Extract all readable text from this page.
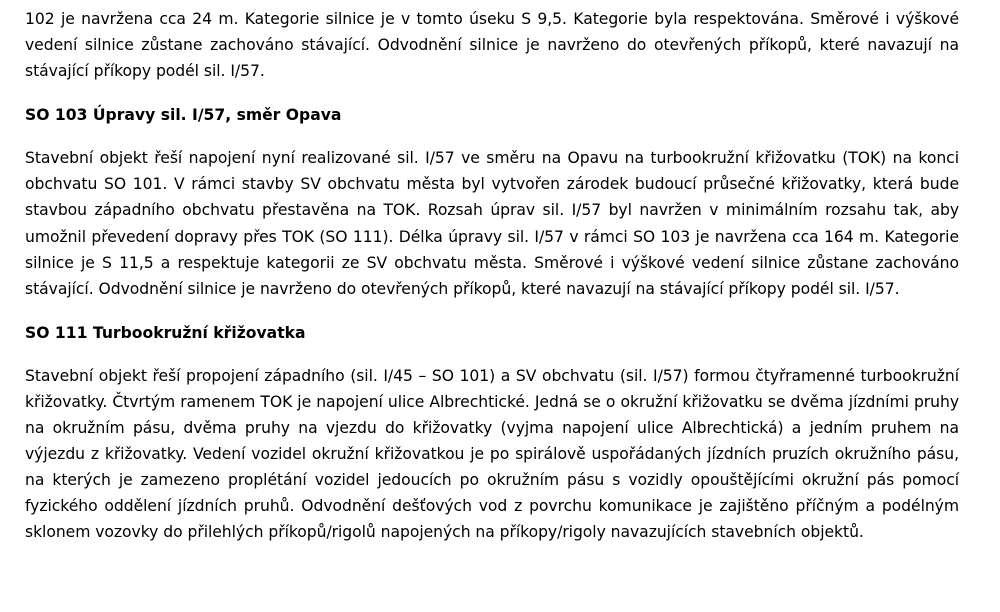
102 je navržena cca 24 m. Kategorie silnice je v tomto úseku S 9,5. Kategorie byla respektována. Směrové i výškové vedení silnice zůstane zachováno stávající. Odvodnění silnice je navrženo do otevřených příkopů, které navazují na stávající příkopy podél sil. I/57.

SO 103 Úpravy sil. I/57, směr Opava

Stavební objekt řeší napojení nyní realizované sil. I/57 ve směru na Opavu na turbookružní křižovatku (TOK) na konci obchvatu SO 101. V rámci stavby SV obchvatu města byl vytvořen zárodek budoucí průsečné křižovatky, která bude stavbou západního obchvatu přestavěna na TOK. Rozsah úprav sil. I/57 byl navržen v minimálním rozsahu tak, aby umožnil převedení dopravy přes TOK (SO 111). Délka úpravy sil. I/57 v rámci SO 103 je navržena cca 164 m. Kategorie silnice je S 11,5 a respektuje kategorii ze SV obchvatu města. Směrové i výškové vedení silnice zůstane zachováno stávající. Odvodnění silnice je navrženo do otevřených příkopů, které navazují na stávající příkopy podél sil. I/57.

SO 111 Turbookružní křižovatka

Stavební objekt řeší propojení západního (sil. I/45 – SO 101) a SV obchvatu (sil. I/57) formou čtyřramenné turbookružní křižovatky. Čtvrtým ramenem TOK je napojení ulice Albrechtické. Jedná se o okružní křižovatku se dvěma jízdními pruhy na okružním pásu, dvěma pruhy na vjezdu do křižovatky (vyjma napojení ulice Albrechtická) a jedním pruhem na výjezdu z křižovatky. Vedení vozidel okružní křižovatkou je po spirálově uspořádaných jízdních pruzích okružního pásu, na kterých je zamezeno proplétání vozidel jedoucích po okružním pásu s vozidly opouštějícími okružní pás pomocí fyzického oddělení jízdních pruhů. Odvodnění dešťových vod z povrchu komunikace je zajištěno příčným a podélným sklonem vozovky do přilehlých příkopů/rigolů napojených na příkopy/rigoly navazujících stavebních objektů.
